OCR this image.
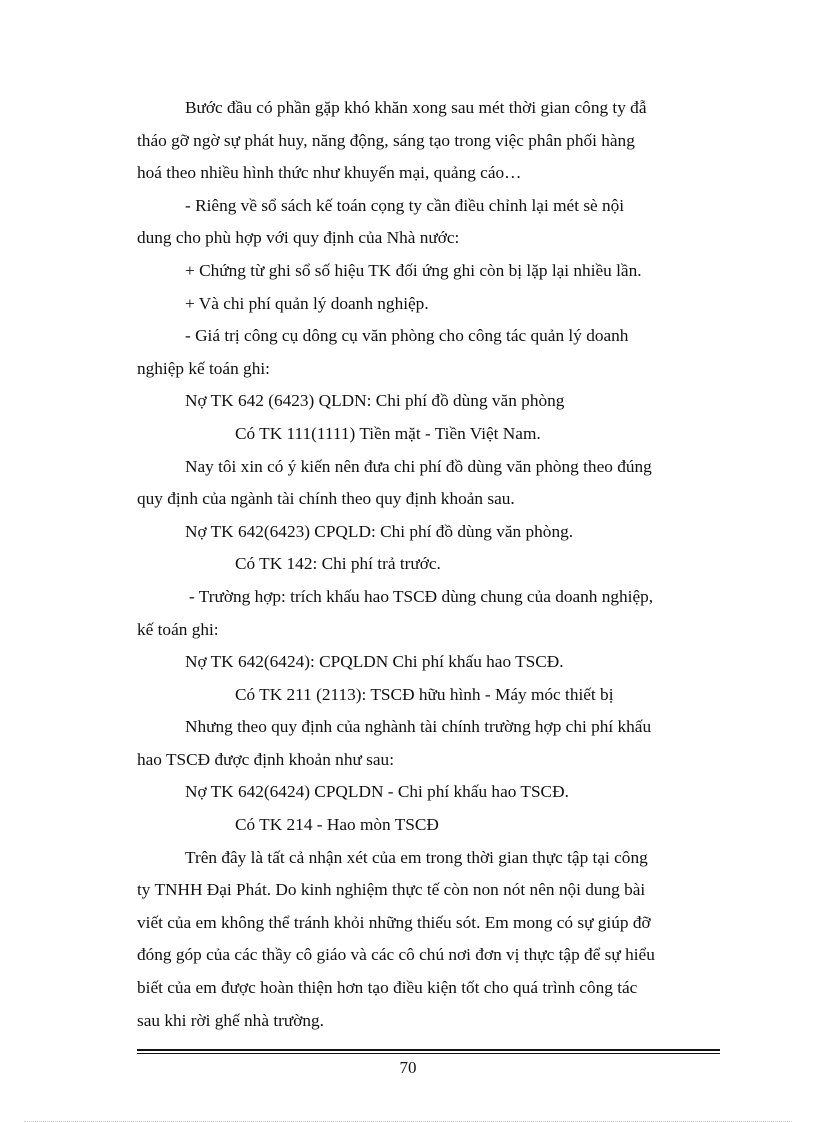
Bước đầu có phần gặp khó khăn xong sau mét thời gian công ty đẫ
tháo gỡ ngờ sự phát huy, năng động, sáng tạo trong việc phân phối hàng
hoá theo nhiều hình thức như khuyến mại, quảng cáo…
- Riêng về sổ sách kế toán cọng ty cần điều chỉnh lại mét sè nội
dung cho phù hợp với quy định của Nhà nước:
+ Chứng từ ghi sổ số hiệu TK đối ứng ghi còn bị lặp lại nhiều lần.
+ Và chi phí quản lý doanh nghiệp.
- Giá trị công cụ dông cụ văn phòng cho công tác quản lý doanh
nghiệp kế toán ghi:
Nợ TK 642 (6423) QLDN: Chi phí đồ dùng văn phòng
Có TK 111(1111) Tiền mặt - Tiền Việt Nam.
Nay tôi xin có ý kiến nên đưa chi phí đồ dùng văn phòng theo đúng
quy định của ngành tài chính theo quy định khoản sau.
Nợ TK 642(6423) CPQLD: Chi phí đồ dùng văn phòng.
Có TK 142: Chi phí trả trước.
- Trường hợp: trích khấu hao TSCĐ dùng chung của doanh nghiệp,
kế toán ghi:
Nợ TK 642(6424): CPQLDN Chi phí khấu hao TSCĐ.
Có TK 211 (2113): TSCĐ hữu hình - Máy móc thiết bị
Nhưng theo quy định của nghành tài chính trường hợp chi phí khấu
hao TSCĐ được định khoản như sau:
Nợ TK 642(6424) CPQLDN - Chi phí khấu hao TSCĐ.
Có TK 214 - Hao mòn TSCĐ
Trên đây là tất cả nhận xét của em trong thời gian thực tập tại công
ty TNHH Đại Phát. Do kinh nghiệm thực tế còn non nót nên nội dung bài
viết của em không thể tránh khỏi những thiếu sót. Em mong có sự giúp đỡ
đóng góp của các thầy cô giáo và các cô chú nơi đơn vị thực tập để sự hiểu
biết của em được hoàn thiện hơn tạo điều kiện tốt cho quá trình công tác
sau khi rời ghế nhà trường.
70
